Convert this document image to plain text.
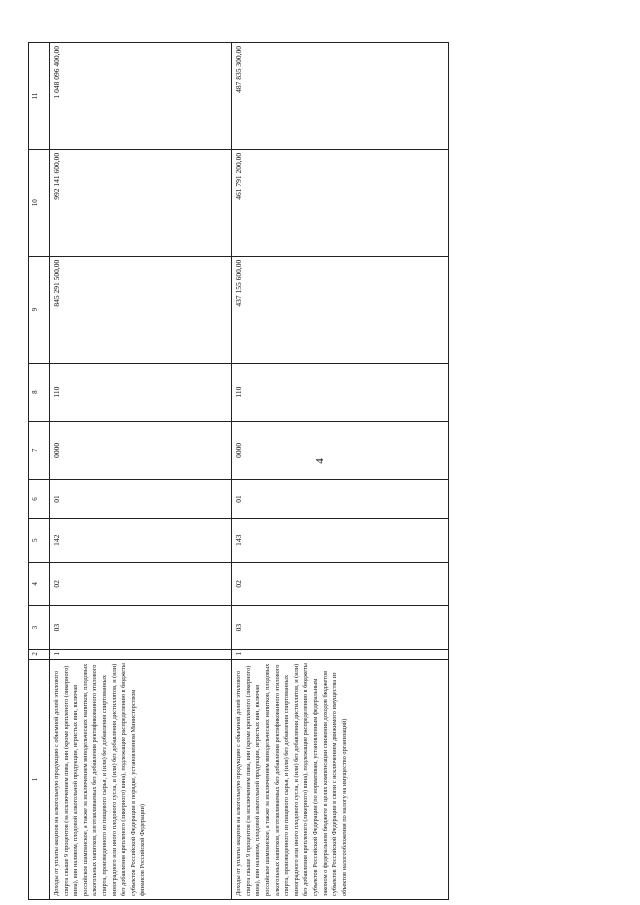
4
1	2	3	4	5	6	7	8	9	10	11
Доходы от уплаты акцизов на алкогольную продукцию с объемной долей этилового спирта свыше 9 процентов (за исключением пива, вин (кроме крепленого (ликерного) вина), вин наливом, плодовой алкогольной продукции, игристых вин, включая российское шампанское, а также за исключением винодельческих напитков, плодовых алкогольных напитков, изготавливаемых без добавления ректификованного этилового спирта, произведенного из пищевого сырья, и (или) без добавления спиртованных виноградного или иного плодового сусла, и (или) без добавления дистиллятов, и (или) без добавления крепленого (ликерного) вина), подлежащие распределению в бюджеты субъектов Российской Федерации в порядке, установленном Министерством финансов Российской Федерации)	1	03	02	142	01	0000	110	845 291 500,00	992 141 600,00	1 048 096 400,00
Доходы от уплаты акцизов на алкогольную продукцию с объемной долей этилового спирта свыше 9 процентов (за исключением пива, вин (кроме крепленого (ликерного) вина), вин наливом, плодовой алкогольной продукции, игристых вин, включая российское шампанское, а также за исключением винодельческих напитков, плодовых алкогольных напитков, изготавливаемых без добавления ректификованного этилового спирта, произведенного из пищевого сырья, и (или) без добавления спиртованных виноградного или иного плодового сусла, и (или) без добавления дистиллятов, и (или) без добавления крепленого (ликерного) вина), подлежащие распределению в бюджеты субъектов Российской Федерации (по нормативам, установленным федеральным законом о федеральном бюджете в целях компенсации снижения доходов бюджетов субъектов Российской Федерации в связи с исключением движимого имущества из объектов налогообложения по налогу на имущество организаций)	1	03	02	143	01	0000	110	437 155 600,00	461 791 200,00	487 835 300,00
